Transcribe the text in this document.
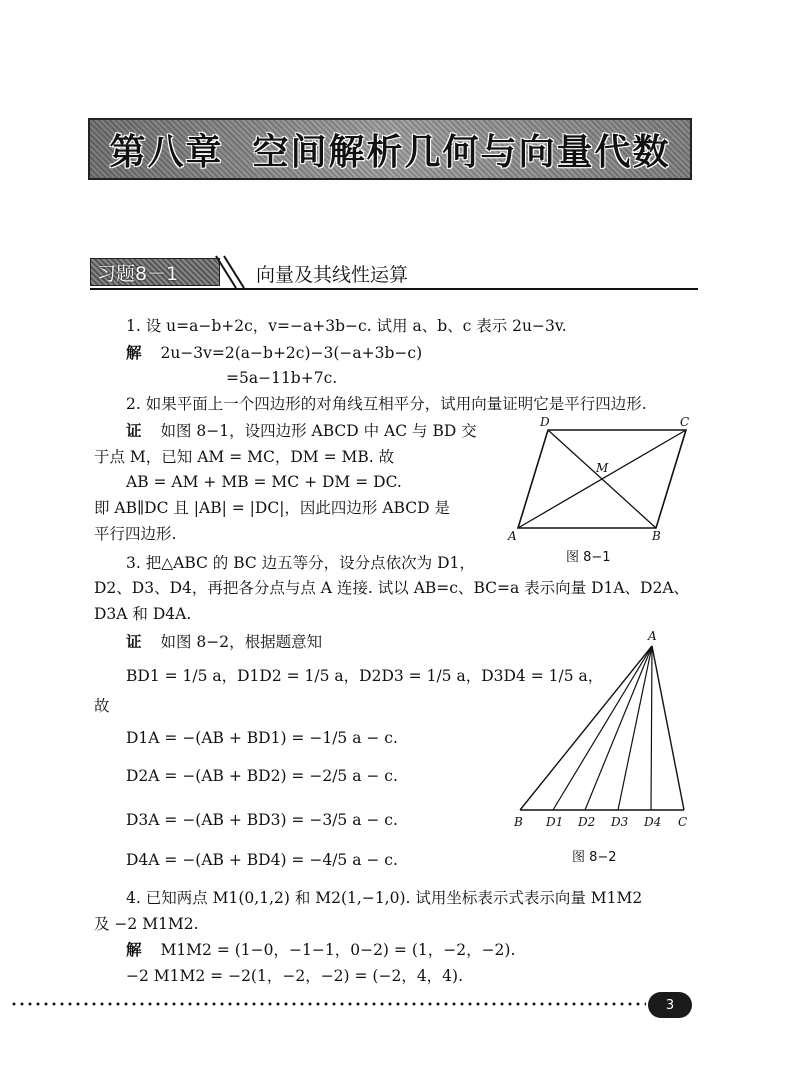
第八章  空间解析几何与向量代数
习题8－1	向量及其线性运算
1. 设 u=a−b+2c，v=−a+3b−c. 试用 a、b、c 表示 2u−3v.
解 2u−3v=2(a−b+2c)−3(−a+3b−c)
=5a−11b+7c.
2. 如果平面上一个四边形的对角线互相平分，试用向量证明它是平行四边形.
证 如图 8−1，设四边形 ABCD 中 AC 与 BD 交
于点 M，已知 AM = MC，DM = MB. 故
AB = AM + MB = MC + DM = DC.
即 AB∥DC 且 |AB| = |DC|，因此四边形 ABCD 是
平行四边形.	A	B
C
D
M
图 8−1
3. 把△ABC 的 BC 边五等分，设分点依次为 D1，
D2、D3、D4，再把各分点与点 A 连接. 试以 AB=c、BC=a 表示向量 D1A、D2A、
D3A 和 D4A.
证 如图 8−2，根据题意知
BD1 = 1/5 a，D1D2 = 1/5 a，D2D3 = 1/5 a，D3D4 = 1/5 a，
故
D1A = −(AB + BD1) = −1/5 a − c.
D2A = −(AB + BD2) = −2/5 a − c.
D3A = −(AB + BD3) = −3/5 a − c.
D4A = −(AB + BD4) = −4/5 a − c.
A
B	C
D1 D2 D3 D4
图 8−2
4. 已知两点 M1(0,1,2) 和 M2(1,−1,0). 试用坐标表示式表示向量 M1M2
及 −2 M1M2.
解 M1M2 = (1−0，−1−1，0−2) = (1，−2，−2).
−2 M1M2 = −2(1，−2，−2) = (−2，4，4).
3
